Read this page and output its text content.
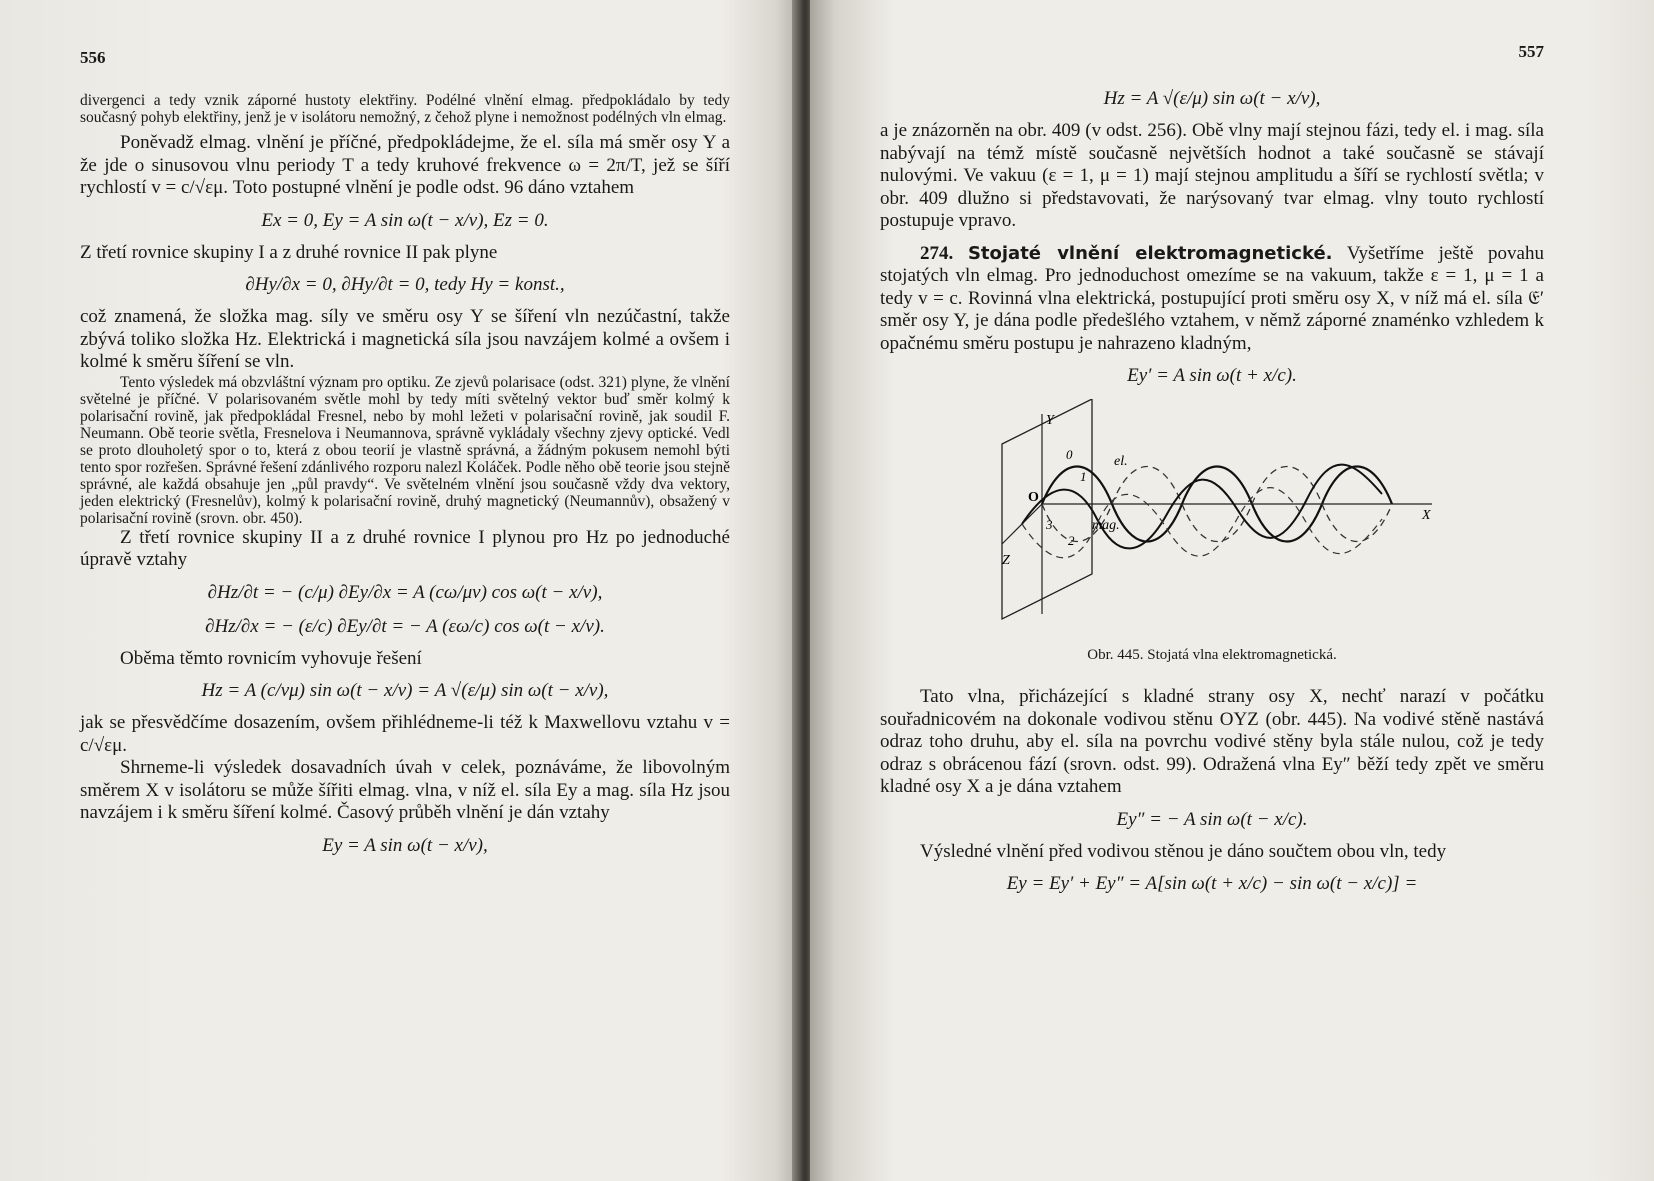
556

divergenci a tedy vznik záporné hustoty elektřiny. Podélné vlnění elmag. předpokládalo by tedy současný pohyb elektřiny, jenž je v isolátoru nemožný, z čehož plyne i nemožnost podélných vln elmag.

Poněvadž elmag. vlnění je příčné, předpokládejme, že el. síla má směr osy Y a že jde o sinusovou vlnu periody T a tedy kruhové frekvence ω = 2π/T, jež se šíří rychlostí v = c/√εμ. Toto postupné vlnění je podle odst. 96 dáno vztahem

Ex = 0, Ey = A sin ω(t − x/v), Ez = 0.

Z třetí rovnice skupiny I a z druhé rovnice II pak plyne

∂Hy/∂x = 0, ∂Hy/∂t = 0, tedy Hy = konst.,

což znamená, že složka mag. síly ve směru osy Y se šíření vln nezúčastní, takže zbývá toliko složka Hz. Elektrická i magnetická síla jsou navzájem kolmé a ovšem i kolmé k směru šíření se vln.

Tento výsledek má obzvláštní význam pro optiku. Ze zjevů polarisace (odst. 321) plyne, že vlnění světelné je příčné. V polarisovaném světle mohl by tedy míti světelný vektor buď směr kolmý k polarisační rovině, jak předpokládal Fresnel, nebo by mohl ležeti v polarisační rovině, jak soudil F. Neumann. Obě teorie světla, Fresnelova i Neumannova, správně vykládaly všechny zjevy optické. Vedl se proto dlouholetý spor o to, která z obou teorií je vlastně správná, a žádným pokusem nemohl býti tento spor rozřešen. Správné řešení zdánlivého rozporu nalezl Koláček. Podle něho obě teorie jsou stejně správné, ale každá obsahuje jen „půl pravdy“. Ve světelném vlnění jsou současně vždy dva vektory, jeden elektrický (Fresnelův), kolmý k polarisační rovině, druhý magnetický (Neumannův), obsažený v polarisační rovině (srovn. obr. 450).

Z třetí rovnice skupiny II a z druhé rovnice I plynou pro Hz po jednoduché úpravě vztahy

∂Hz/∂t = − (c/μ) ∂Ey/∂x = A (cω/μv) cos ω(t − x/v),
∂Hz/∂x = − (ε/c) ∂Ey/∂t = − A (εω/c) cos ω(t − x/v).

Oběma těmto rovnicím vyhovuje řešení

Hz = A (c/vμ) sin ω(t − x/v) = A √(ε/μ) sin ω(t − x/v),

jak se přesvědčíme dosazením, ovšem přihlédneme-li též k Maxwellovu vztahu v = c/√εμ.

Shrneme-li výsledek dosavadních úvah v celek, poznáváme, že libovolným směrem X v isolátoru se může šířiti elmag. vlna, v níž el. síla Ey a mag. síla Hz jsou navzájem i k směru šíření kolmé. Časový průběh vlnění je dán vztahy

Ey = A sin ω(t − x/v),
557
Hz = A √(ε/μ) sin ω(t − x/v),

a je znázorněn na obr. 409 (v odst. 256). Obě vlny mají stejnou fázi, tedy el. i mag. síla nabývají na témž místě současně největších hodnot a také současně se stávají nulovými. Ve vakuu (ε = 1, μ = 1) mají stejnou amplitudu a šíří se rychlostí světla; v obr. 409 dlužno si představovati, že narýsovaný tvar elmag. vlny touto rychlostí postupuje vpravo.

274. Stojaté vlnění elektromagnetické. Vyšetříme ještě povahu stojatých vln elmag. Pro jednoduchost omezíme se na vakuum, takže ε = 1, μ = 1 a tedy v = c. Rovinná vlna elektrická, postupující proti směru osy X, v níž má el. síla 𝔈′ směr osy Y, je dána podle předešlého vztahem, v němž záporné znaménko vzhledem k opačnému směru postupu je nahrazeno kladným,

Ey′ = A sin ω(t + x/c).
Y
X
Z
O
el.
mag.
0
1
2
3
Obr. 445. Stojatá vlna elektromagnetická.

Tato vlna, přicházející s kladné strany osy X, nechť narazí v počátku souřadnicovém na dokonale vodivou stěnu OYZ (obr. 445). Na vodivé stěně nastává odraz toho druhu, aby el. síla na povrchu vodivé stěny byla stále nulou, což je tedy odraz s obrácenou fází (srovn. odst. 99). Odražená vlna Ey″ běží tedy zpět ve směru kladné osy X a je dána vztahem

Ey″ = − A sin ω(t − x/c).

Výsledné vlnění před vodivou stěnou je dáno součtem obou vln, tedy

Ey = Ey′ + Ey″ = A[sin ω(t + x/c) − sin ω(t − x/c)] =
